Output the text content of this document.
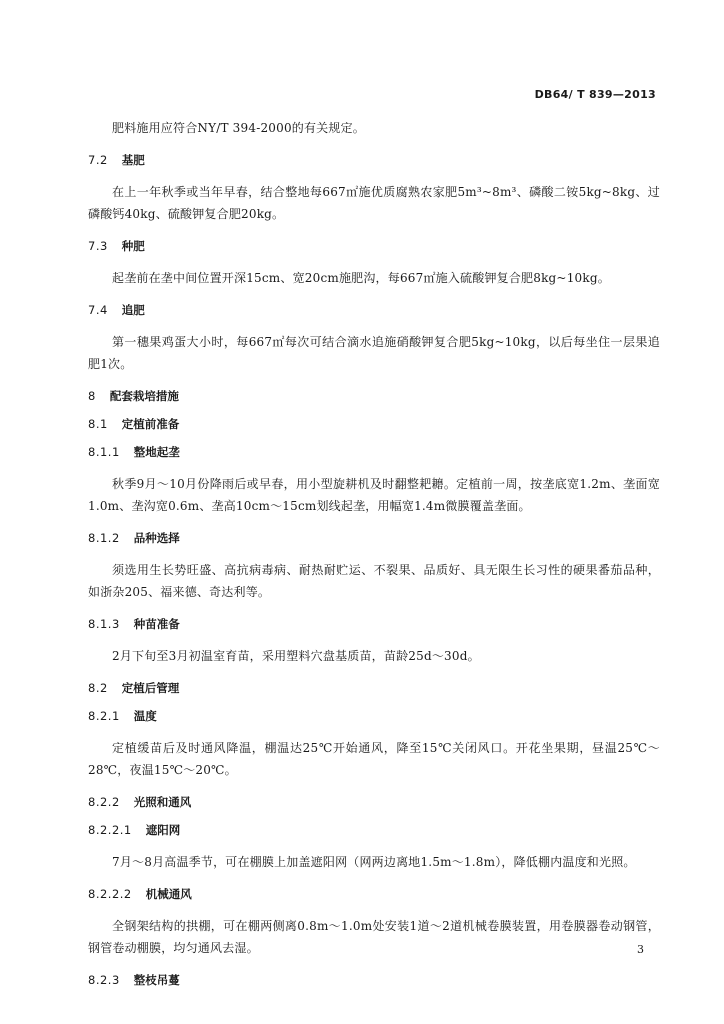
DB64/ T 839—2013

肥料施用应符合NY/T 394-2000的有关规定。

7.2 基肥

在上一年秋季或当年早春，结合整地每667㎡施优质腐熟农家肥5m³~8m³、磷酸二铵5kg~8kg、过磷酸钙40kg、硫酸钾复合肥20kg。

7.3 种肥

起垄前在垄中间位置开深15cm、宽20cm施肥沟，每667㎡施入硫酸钾复合肥8kg~10kg。

7.4 追肥

第一穗果鸡蛋大小时，每667㎡每次可结合滴水追施硝酸钾复合肥5kg~10kg，以后每坐住一层果追肥1次。

8 配套栽培措施
8.1 定植前准备
8.1.1 整地起垄

秋季9月～10月份降雨后或早春，用小型旋耕机及时翻整耙耱。定植前一周，按垄底宽1.2m、垄面宽1.0m、垄沟宽0.6m、垄高10cm～15cm划线起垄，用幅宽1.4m微膜覆盖垄面。

8.1.2 品种选择

须选用生长势旺盛、高抗病毒病、耐热耐贮运、不裂果、品质好、具无限生长习性的硬果番茄品种，如浙杂205、福来德、奇达利等。

8.1.3 种苗准备

2月下旬至3月初温室育苗，采用塑料穴盘基质苗，苗龄25d～30d。

8.2 定植后管理
8.2.1 温度

定植缓苗后及时通风降温，棚温达25℃开始通风，降至15℃关闭风口。开花坐果期，昼温25℃～28℃，夜温15℃～20℃。

8.2.2 光照和通风
8.2.2.1 遮阳网

7月～8月高温季节，可在棚膜上加盖遮阳网（网两边离地1.5m～1.8m），降低棚内温度和光照。

8.2.2.2 机械通风

全钢架结构的拱棚，可在棚两侧离0.8m～1.0m处安装1道～2道机械卷膜装置，用卷膜器卷动钢管，钢管卷动棚膜，均匀通风去湿。

8.2.3 整枝吊蔓
3
